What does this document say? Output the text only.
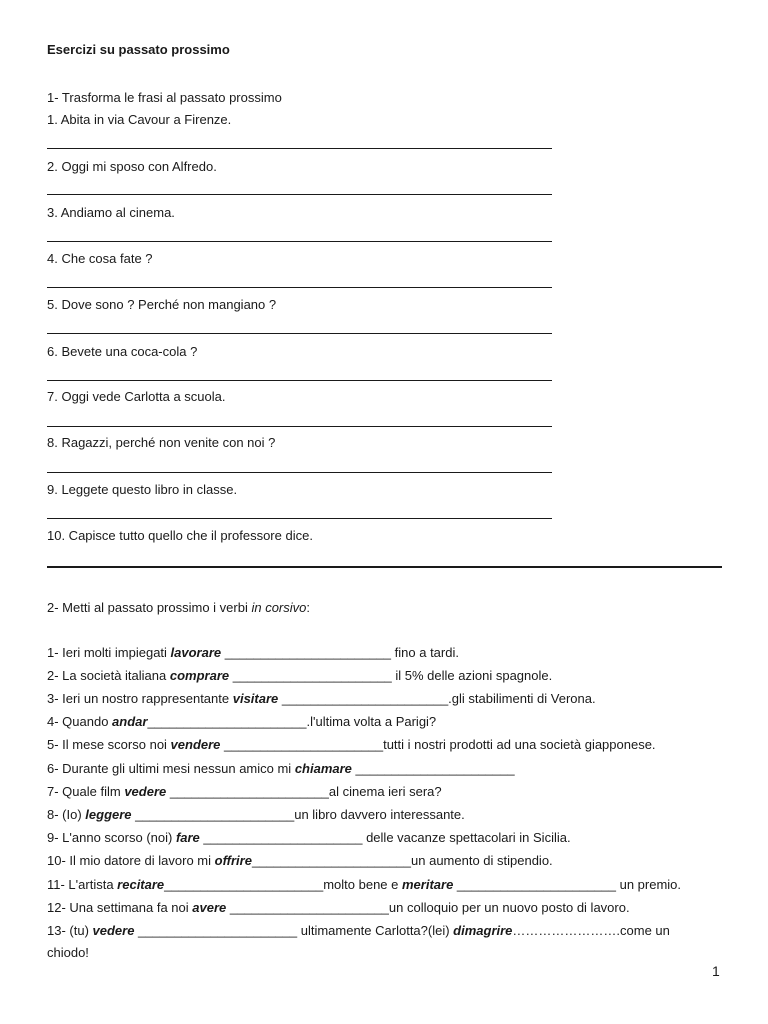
Esercizi su passato prossimo
1- Trasforma le frasi al passato prossimo
1. Abita in via Cavour a Firenze.
2. Oggi mi sposo con Alfredo.
3. Andiamo al cinema.
4. Che cosa fate ?
5. Dove sono ? Perché non mangiano ?
6. Bevete una coca-cola ?
7. Oggi vede Carlotta a scuola.
8. Ragazzi, perché non venite con noi ?
9. Leggete questo libro in classe.
10. Capisce tutto quello che il professore dice.
2- Metti al passato prossimo i verbi in corsivo:
1- Ieri molti impiegati lavorare _______________________ fino a tardi.
2- La società italiana comprare ______________________ il 5% delle azioni spagnole.
3- Ieri un nostro rappresentante visitare _______________________.gli stabilimenti di Verona.
4- Quando andar______________________.l'ultima volta a Parigi?
5- Il mese scorso noi vendere ______________________tutti i nostri prodotti ad una società giapponese.
6- Durante gli ultimi mesi nessun amico mi chiamare ______________________
7- Quale film vedere ______________________al cinema ieri sera?
8- (Io) leggere ______________________un libro davvero interessante.
9- L'anno scorso (noi) fare ______________________ delle vacanze spettacolari in Sicilia.
10- Il mio datore di lavoro mi offrire______________________un aumento di stipendio.
11- L'artista recitare______________________molto bene e meritare ______________________ un premio.
12- Una settimana fa noi avere ______________________un colloquio per un nuovo posto di lavoro.
13- (tu) vedere ______________________ ultimamente Carlotta?(lei) dimagrire…………………….come un
chiodo!
1
